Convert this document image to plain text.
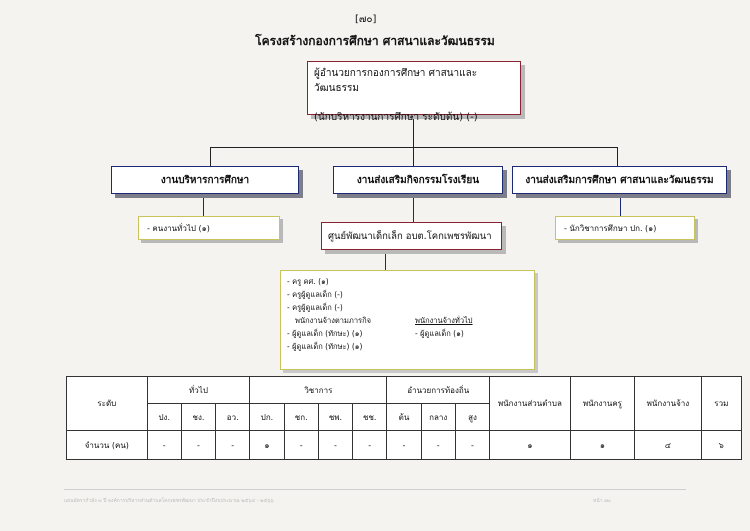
[๗๐]
โครงสร้างกองการศึกษา ศาสนาและวัฒนธรรม
ผู้อำนวยการกองการศึกษา ศาสนาและวัฒนธรรม
(นักบริหารงานการศึกษา ระดับต้น) (-)
งานบริหารการศึกษา	งานส่งเสริมกิจกรรมโรงเรียน	งานส่งเสริมการศึกษา ศาสนาและวัฒนธรรม
- คนงานทั่วไป (๑)	- นักวิชาการศึกษา ปก. (๑)
ศูนย์พัฒนาเด็กเล็ก อบต.โคกเพชรพัฒนา
- ครู คศ. (๑)
- ครูผู้ดูแลเด็ก (-)
- ครูผู้ดูแลเด็ก (-)
พนักงานจ้างตามภารกิจ	พนักงานจ้างทั่วไป
- ผู้ดูแลเด็ก (ทักษะ) (๑)	- ผู้ดูแลเด็ก (๑)
- ผู้ดูแลเด็ก (ทักษะ) (๑)
ระดับ	ทั่วไป			วิชาการ				อำนวยการท้องถิ่น			พนักงานส่วนตำบล	พนักงานครู	พนักงานจ้าง	รวม
	ปง.	ชง.	อว.	ปก.	ชก.	ชพ.	ชช.	ต้น	กลาง	สูง				
จำนวน (คน)	-	-	-	๑	-	-	-	-	-	-	๑	๑	๔	๖
แผนอัตรากำลัง ๓ ปี องค์การบริหารส่วนตำบลโคกเพชรพัฒนา ประจำปีงบประมาณ ๒๕๖๔ - ๒๕๖๖	หน้า ๗๐
